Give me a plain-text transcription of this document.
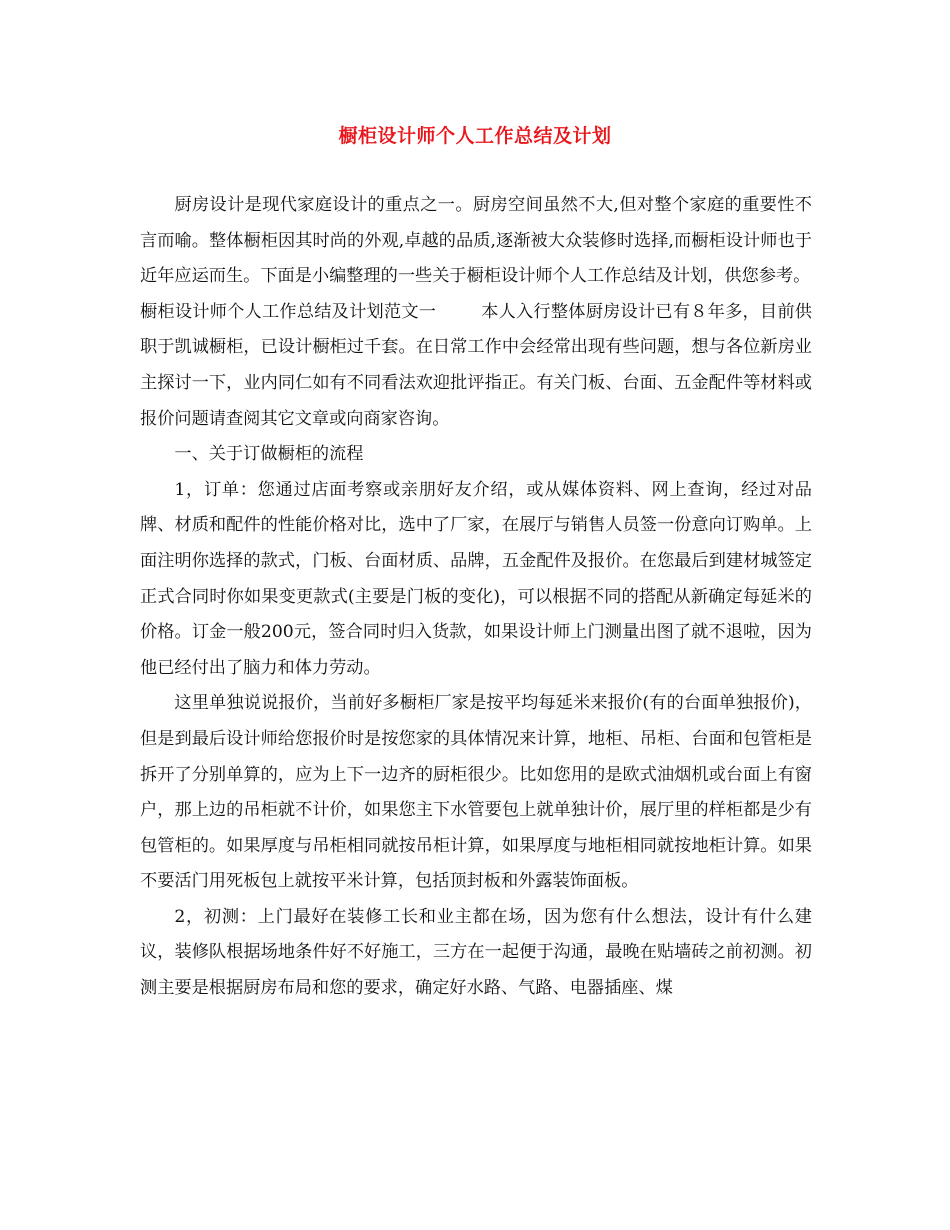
橱柜设计师个人工作总结及计划

厨房设计是现代家庭设计的重点之一。厨房空间虽然不大,但对整个家庭的重要性不言而喻。整体橱柜因其时尚的外观,卓越的品质,逐渐被大众装修时选择,而橱柜设计师也于近年应运而生。下面是小编整理的一些关于橱柜设计师个人工作总结及计划，供您参考。

橱柜设计师个人工作总结及计划范文一	本人入行整体厨房设计已有８年多，目前供职于凯诚橱柜，已设计橱柜过千套。在日常工作中会经常出现有些问题，想与各位新房业主探讨一下，业内同仁如有不同看法欢迎批评指正。有关门板、台面、五金配件等材料或报价问题请查阅其它文章或向商家咨询。

一、关于订做橱柜的流程

1，订单：您通过店面考察或亲朋好友介绍，或从媒体资料、网上查询，经过对品牌、材质和配件的性能价格对比，选中了厂家，在展厅与销售人员签一份意向订购单。上面注明你选择的款式，门板、台面材质、品牌，五金配件及报价。在您最后到建材城签定正式合同时你如果变更款式(主要是门板的变化)，可以根据不同的搭配从新确定每延米的价格。订金一般200元，签合同时归入货款，如果设计师上门测量出图了就不退啦，因为他已经付出了脑力和体力劳动。

这里单独说说报价，当前好多橱柜厂家是按平均每延米来报价(有的台面单独报价)，但是到最后设计师给您报价时是按您家的具体情况来计算，地柜、吊柜、台面和包管柜是拆开了分别单算的，应为上下一边齐的厨柜很少。比如您用的是欧式油烟机或台面上有窗户，那上边的吊柜就不计价，如果您主下水管要包上就单独计价，展厅里的样柜都是少有包管柜的。如果厚度与吊柜相同就按吊柜计算，如果厚度与地柜相同就按地柜计算。如果不要活门用死板包上就按平米计算，包括顶封板和外露装饰面板。

2，初测：上门最好在装修工长和业主都在场，因为您有什么想法，设计有什么建议，装修队根据场地条件好不好施工，三方在一起便于沟通，最晚在贴墙砖之前初测。初测主要是根据厨房布局和您的要求，确定好水路、气路、电器插座、煤
